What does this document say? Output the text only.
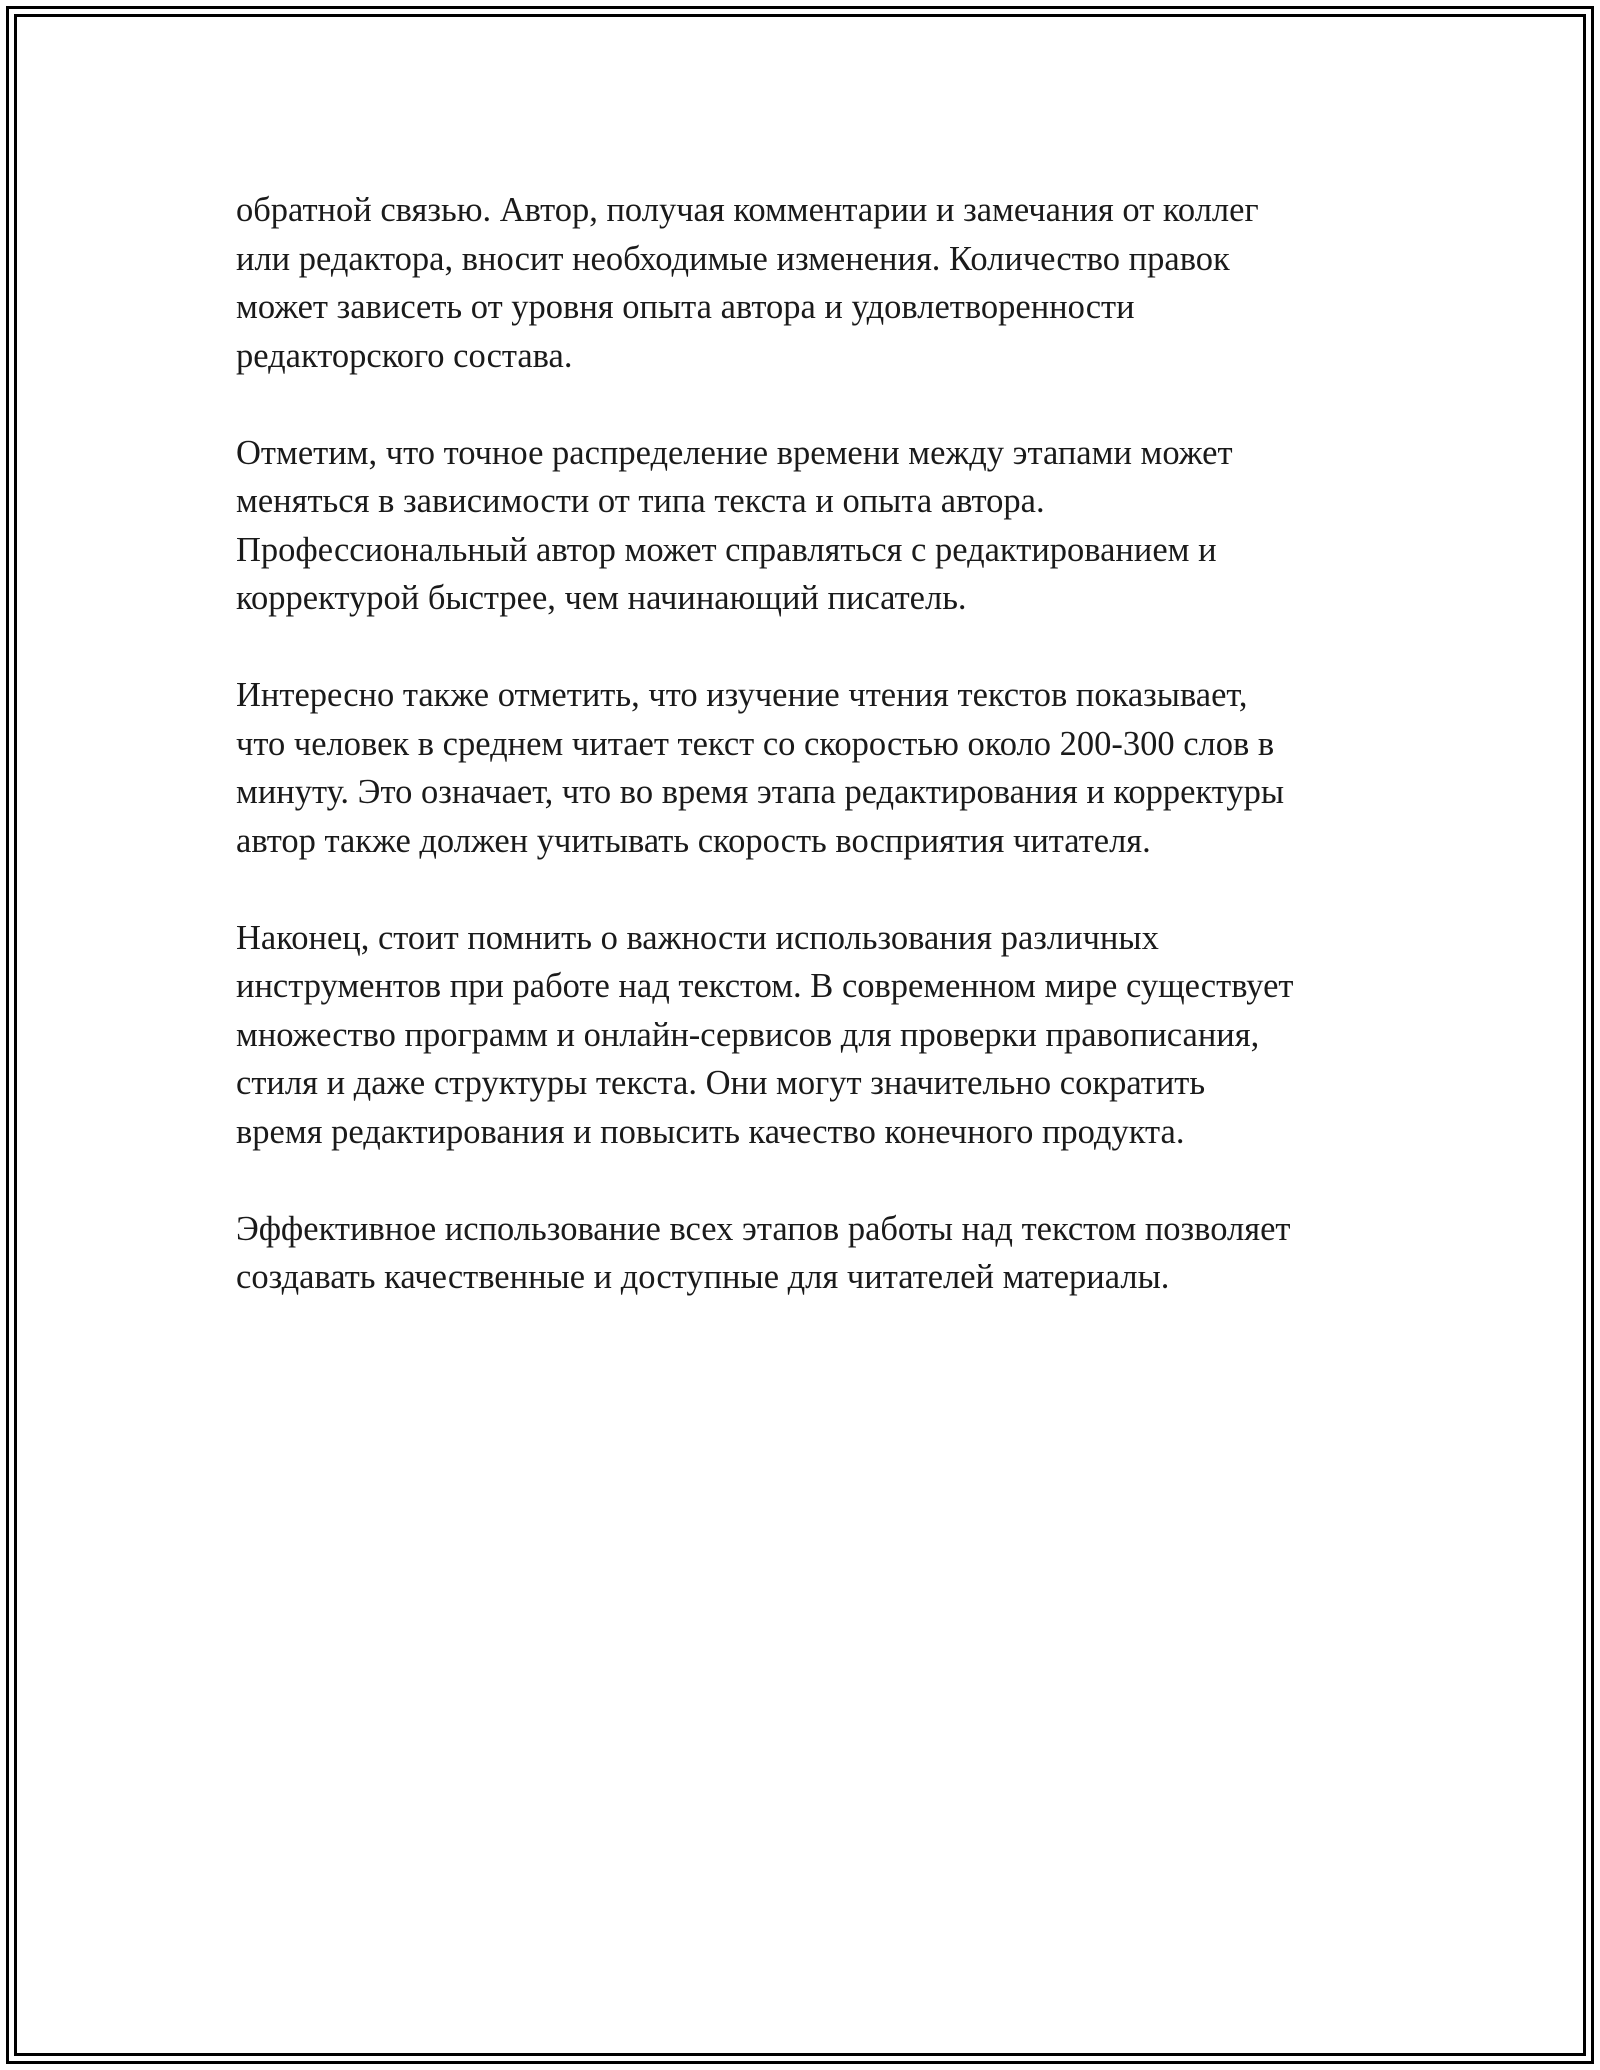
обратной связью. Автор, получая комментарии и замечания от коллег
или редактора, вносит необходимые изменения. Количество правок
может зависеть от уровня опыта автора и удовлетворенности
редакторского состава.

Отметим, что точное распределение времени между этапами может
меняться в зависимости от типа текста и опыта автора.
Профессиональный автор может справляться с редактированием и
корректурой быстрее, чем начинающий писатель.

Интересно также отметить, что изучение чтения текстов показывает,
что человек в среднем читает текст со скоростью около 200-300 слов в
минуту. Это означает, что во время этапа редактирования и корректуры
автор также должен учитывать скорость восприятия читателя.

Наконец, стоит помнить о важности использования различных
инструментов при работе над текстом. В современном мире существует
множество программ и онлайн-сервисов для проверки правописания,
стиля и даже структуры текста. Они могут значительно сократить
время редактирования и повысить качество конечного продукта.

Эффективное использование всех этапов работы над текстом позволяет
создавать качественные и доступные для читателей материалы.
